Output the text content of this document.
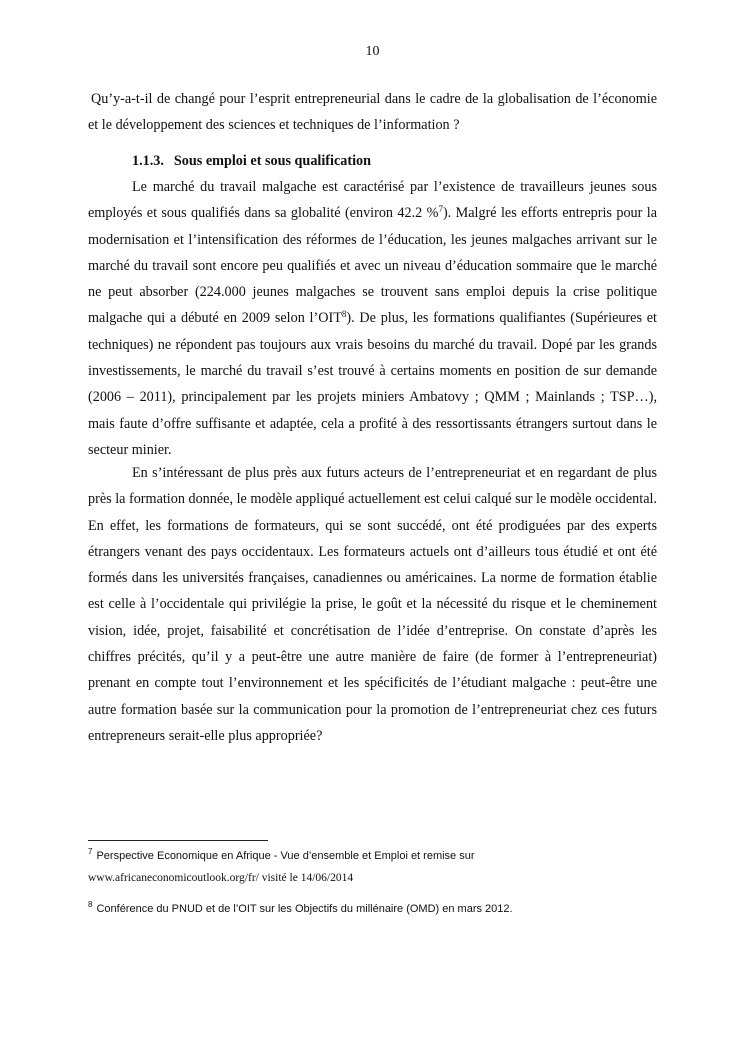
10

Qu’y-a-t-il de changé pour l’esprit entrepreneurial dans le cadre de la globalisation de l’économie et le développement des sciences et techniques de l’information ?

1.1.3. Sous emploi et sous qualification

Le marché du travail malgache est caractérisé par l’existence de travailleurs jeunes sous employés et sous qualifiés dans sa globalité (environ 42.2 %$^7$). Malgré les efforts entrepris pour la modernisation et l’intensification des réformes de l’éducation, les jeunes malgaches arrivant sur le marché du travail sont encore peu qualifiés et avec un niveau d’éducation sommaire que le marché ne peut absorber (224.000 jeunes malgaches se trouvent sans emploi depuis la crise politique malgache qui a débuté en 2009 selon l’OIT$^8$). De plus, les formations qualifiantes (Supérieures et techniques) ne répondent pas toujours aux vrais besoins du marché du travail. Dopé par les grands investissements, le marché du travail s’est trouvé à certains moments en position de sur demande (2006 – 2011), principalement par les projets miniers Ambatovy ; QMM ; Mainlands ; TSP…), mais faute d’offre suffisante et adaptée, cela a profité à des ressortissants étrangers surtout dans le secteur minier.

En s’intéressant de plus près aux futurs acteurs de l’entrepreneuriat et en regardant de plus près la formation donnée, le modèle appliqué actuellement est celui calqué sur le modèle occidental. En effet, les formations de formateurs, qui se sont succédé, ont été prodiguées par des experts étrangers venant des pays occidentaux. Les formateurs actuels ont d’ailleurs tous étudié et ont été formés dans les universités françaises, canadiennes ou américaines. La norme de formation établie est celle à l’occidentale qui privilégie la prise, le goût et la nécessité du risque et le cheminement vision, idée, projet, faisabilité et concrétisation de l’idée d’entreprise. On constate d’après les chiffres précités, qu’il y a peut-être une autre manière de faire (de former à l’entrepreneuriat) prenant en compte tout l’environnement et les spécificités de l’étudiant malgache : peut-être une autre formation basée sur la communication pour la promotion de l’entrepreneuriat chez ces futurs entrepreneurs serait-elle plus appropriée?

$^7$ Perspective Economique en Afrique - Vue d’ensemble et Emploi et remise sur

www.africaneconomicoutlook.org/fr/ visité le 14/06/2014

$^8$ Conférence du PNUD et de l’OIT sur les Objectifs du millénaire (OMD) en mars 2012.
